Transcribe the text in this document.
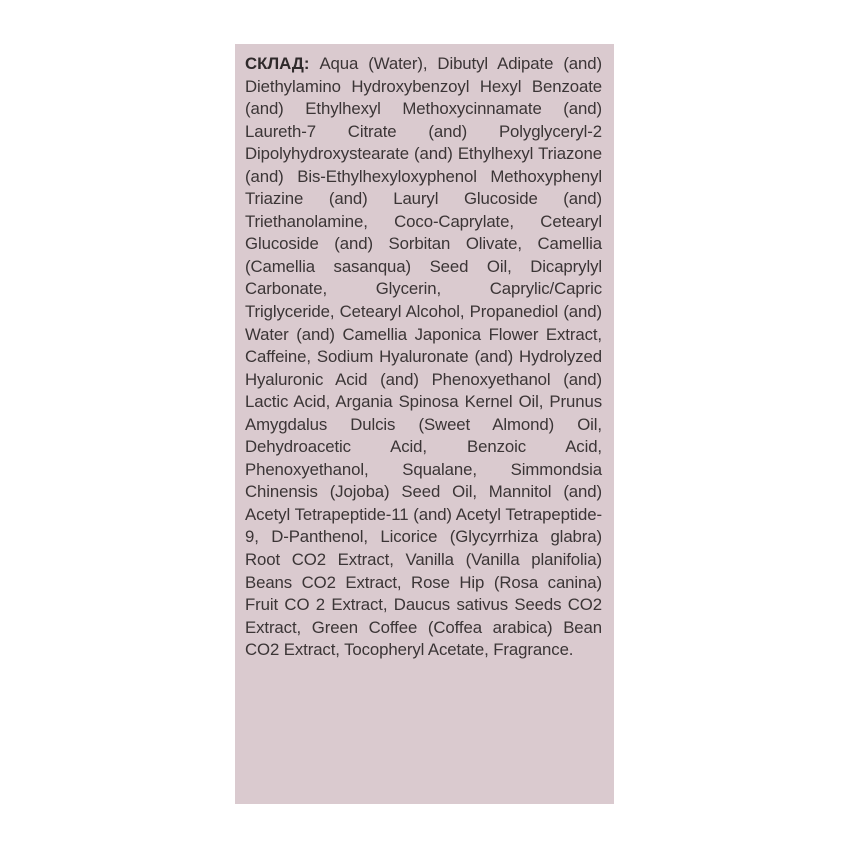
СКЛАД: Aqua (Water), Dibutyl Adipate (and) Diethylamino Hydroxybenzoyl Hexyl Benzoate (and) Ethylhexyl Methoxycinnamate (and) Laureth-7 Citrate (and) Polyglyceryl-2 Dipolyhydroxystearate (and) Ethylhexyl Triazone (and) Bis-Ethylhexyloxyphenol Methoxyphenyl Triazine (and) Lauryl Glucoside (and) Triethanolamine, Coco-Caprylate, Cetearyl Glucoside (and) Sorbitan Olivate, Camellia (Camellia sasanqua) Seed Oil, Dicaprylyl Carbonate, Glycerin, Caprylic/Capric Triglyceride, Cetearyl Alcohol, Propanediol (and) Water (and) Camellia Japonica Flower Extract, Caffeine, Sodium Hyaluronate (and) Hydrolyzed Hyaluronic Acid (and) Phenoxyethanol (and) Lactic Acid, Argania Spinosa Kernel Oil, Prunus Amygdalus Dulcis (Sweet Almond) Oil, Dehydroacetic Acid, Benzoic Acid, Phenoxyethanol, Squalane, Simmondsia Chinensis (Jojoba) Seed Oil, Mannitol (and) Acetyl Tetrapeptide-11 (and) Acetyl Tetrapeptide-9, D-Panthenol, Licorice (Glycyrrhiza glabra) Root CO2 Extract, Vanilla (Vanilla planifolia) Beans CO2 Extract, Rose Hip (Rosa canina) Fruit CO 2 Extract, Daucus sativus Seeds CO2 Extract, Green Coffee (Coffea arabica) Bean CO2 Extract, Tocopheryl Acetate, Fragrance.
